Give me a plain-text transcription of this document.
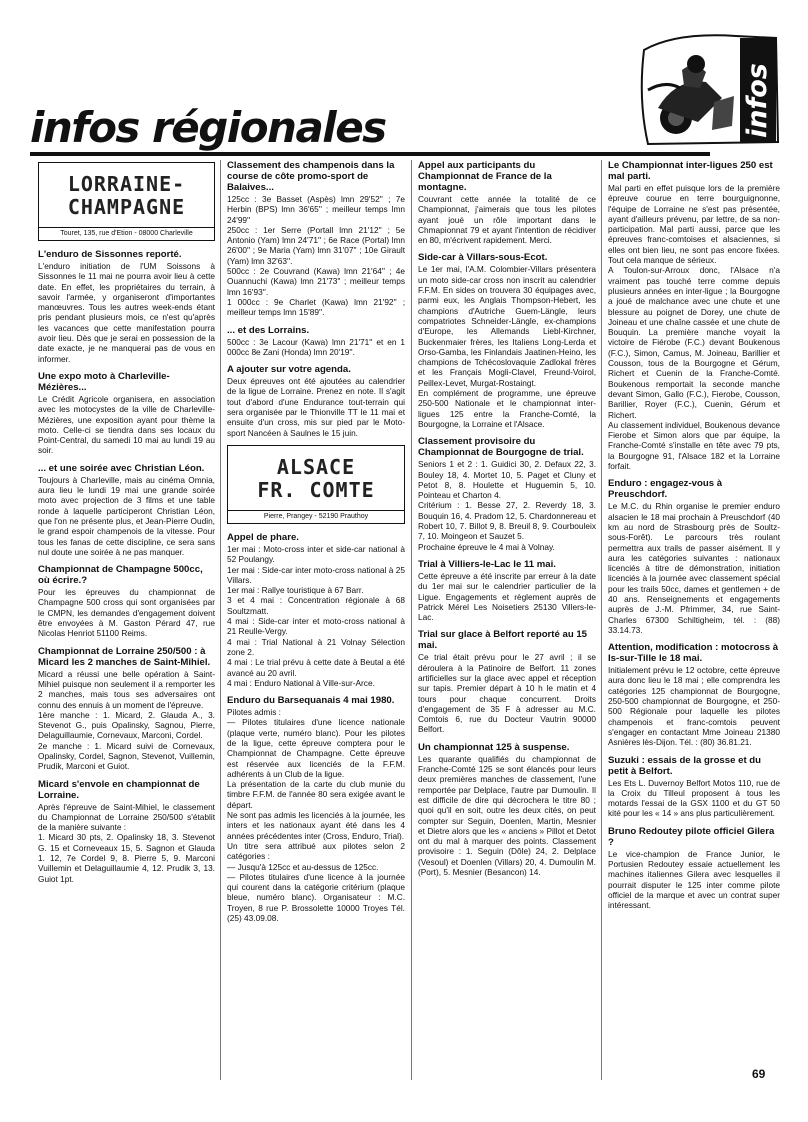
infos régionales	infos
LORRAINE-
CHAMPAGNE
Touret, 135, rue d'Etion - 08000 Charleville
L'enduro de Sissonnes reporté.

L'enduro initiation de l'UM Soissons à Sissonnes le 11 mai ne pourra avoir lieu à cette date. En effet, les propriétaires du terrain, à savoir l'armée, y organiseront d'importantes manœuvres. Tous les autres week-ends étant pris pendant plusieurs mois, ce n'est qu'après les vacances que cette manifestation pourra avoir lieu. Dès que je serai en possession de la date exacte, je ne manquerai pas de vous en informer.

Une expo moto à Charleville-Mézières...

Le Crédit Agricole organisera, en association avec les motocystes de la ville de Charleville-Mézières, une exposition ayant pour thème la moto. Celle-ci se tiendra dans ses locaux du Point-Central, du samedi 10 mai au lundi 19 au soir.

... et une soirée avec Christian Léon.

Toujours à Charleville, mais au cinéma Omnia, aura lieu le lundi 19 mai une grande soirée moto avec projection de 3 films et une table ronde à laquelle participeront Christian Léon, que l'on ne présente plus, et Jean-Pierre Oudin, le grand espoir champenois de la vitesse. Pour tous les fanas de cette discipline, ce sera sans nul doute une soirée à ne pas manquer.

Championnat de Champagne 500cc, où écrire.?

Pour les épreuves du championnat de Champagne 500 cross qui sont organisées par le CMPN, les demandes d'engagement doivent être envoyées à M. Gaston Pérard 47, rue Nicolas Henriot 51100 Reims.

Championnat de Lorraine 250/500 : à Micard les 2 manches de Saint-Mihiel.

Micard a réussi une belle opération à Saint-Mihiel puisque non seulement il a remporter les 2 manches, mais tous ses adversaires ont connu des ennuis à un moment de l'épreuve.
1ère manche : 1. Micard, 2. Glauda A., 3. Stevenot G., puis Opalinsky, Sagnou, Pierre, Delaguillaumie, Cornevaux, Marconi, Cordel.
2e manche : 1. Micard suivi de Cornevaux, Opalinsky, Cordel, Sagnon, Stevenot, Vuillemin, Prudik, Marconi et Guiot.

Micard s'envole en championnat de Lorraine.

Après l'épreuve de Saint-Mihiel, le classement du Championnat de Lorraine 250/500 s'établit de la manière suivante :
1. Micard 30 pts, 2. Opalinsky 18, 3. Stevenot G. 15 et Corneveaux 15, 5. Sagnon et Glauda 1. 12, 7e Cordel 9, 8. Pierre 5, 9. Marconi Vuillemin et Delaguillaumie 4, 12. Prudik 3, 13. Guiot 1pt.

Classement des champenois dans la course de côte promo-sport de Balaives...

125cc : 3e Basset (Aspès) lmn 29'52'' ; 7e Herbin (BPS) lmn 36'65'' ; meilleur temps lmn 24'99''
250cc : 1er Serre (Portall lmn 21'12'' ; 5e Antonio (Yam) lmn 24'71'' ; 6e Race (Portal) lmn 26'00'' ; 9e Maria (Yam) lmn 31'07'' ; 10e Girault (Yam) lmn 32'63''.
500cc : 2e Couvrand (Kawa) lmn 21'64'' ; 4e Ouannuchi (Kawa) lmn 21'73'' ; meilleur temps lmn 16'93''.
1 000cc : 9e Charlet (Kawa) lmn 21'92'' ; meilleur temps lmn 15'89''.

... et des Lorrains.

500cc : 3e Lacour (Kawa) lmn 21'71'' et en 1 000cc 8e Zani (Honda) lmn 20'19''.

A ajouter sur votre agenda.

Deux épreuves ont été ajoutées au calendrier de la ligue de Lorraine. Prenez en note. Il s'agit tout d'abord d'une Endurance tout-terrain qui sera organisée par le Thionville TT le 11 mai et ensuite d'un cross, mis sur pied par le Moto-sport Nancéen à Saulnes le 15 juin.

ALSACE
FR. COMTE
Pierre, Prangey - 52190 Prauthoy
Appel de phare.

1er mai : Moto-cross inter et side-car national à 52 Poulangy.
1er mai : Side-car inter moto-cross national à 25 Villars.
1er mai : Rallye touristique à 67 Barr.
3 et 4 mai : Concentration régionale à 68 Soultzmatt.
4 mai : Side-car inter et moto-cross national à 21 Reulle-Vergy.
4 mai : Trial National à 21 Volnay Sélection zone 2.
4 mai : Le trial prévu à cette date à Beutal a été avancé au 20 avril.
4 mai : Enduro National à Ville-sur-Arce.

Enduro du Barsequanais 4 mai 1980.

Pilotes admis :
— Pilotes titulaires d'une licence nationale (plaque verte, numéro blanc). Pour les pilotes de la ligue, cette épreuve comptera pour le Championnat de Champagne. Cette épreuve est réservée aux licenciés de la F.F.M. adhérents à un Club de la ligue.
La présentation de la carte du club munie du timbre F.F.M. de l'année 80 sera exigée avant le départ.
Ne sont pas admis les licenciés à la journée, les inters et les nationaux ayant été dans les 4 années précédentes inter (Cross, Enduro, Trial).
Un titre sera attribué aux pilotes selon 2 catégories :
— Jusqu'à 125cc et au-dessus de 125cc.
— Pilotes titulaires d'une licence à la journée qui courent dans la catégorie critérium (plaque bleue, numéro blanc). Organisateur : M.C. Troyen, 8 rue P. Brossolette 10000 Troyes Tél. (25) 43.09.08.

Appel aux participants du Championnat de France de la montagne.

Couvrant cette année la totalité de ce Championnat, j'aimerais que tous les pilotes ayant joué un rôle important dans le Chmapionnat 79 et ayant l'intention de récidiver en 80, m'écrivent rapidement. Merci.

Side-car à Villars-sous-Ecot.

Le 1er mai, l'A.M. Colombier-Villars présentera un moto side-car cross non inscrit au calendrier F.F.M. En sides on trouvera 30 équipages avec, parmi eux, les Anglais Thompson-Hebert, les champions d'Autriche Guem-Längle, leurs compatriotes Schneider-Längle, ex-champions d'Europe, les Allemands Liebl-Kirchner, Buckenmaier frères, les Italiens Long-Lerda et Orso-Gamba, les Finlandais Jaatinen-Heino, les champions de Tchécoslovaquie Zadlokal frères et les Français Mogli-Clavel, Freund-Voirol, Peillex-Levet, Murgat-Rostaingt.
En complément de programme, une épreuve 250-500 Nationale et le championnat inter-ligues 125 entre la Franche-Comté, la Bourgogne, la Lorraine et l'Alsace.

Classement provisoire du Championnat de Bourgogne de trial.

Seniors 1 et 2 : 1. Guidici 30, 2. Defaux 22, 3. Bouley 18, 4. Mortet 10, 5. Paget et Cluny et Petot 8, 8. Houlette et Huguemin 5, 10. Pointeau et Charton 4.
Critérium : 1. Besse 27, 2. Reverdy 18, 3. Bouquin 16, 4. Pradom 12, 5. Chardonnereau et Robert 10, 7. Billot 9, 8. Breuil 8, 9. Courbouleix 7, 10. Moingeon et Sauzet 5.
Prochaine épreuve le 4 mai à Volnay.

Trial à Villiers-le-Lac le 11 mai.

Cette épreuve a été inscrite par erreur à la date du 1er mai sur le calendrier particulier de la Ligue. Engagements et règlement auprès de Patrick Mérel Les Noisetiers 25130 Villers-le-Lac.

Trial sur glace à Belfort reporté au 15 mai.

Ce trial était prévu pour le 27 avril ; il se déroulera à la Patinoire de Belfort. 11 zones artificielles sur la glace avec appel et réception sur tapis. Premier départ à 10 h le matin et 4 tours pour chaque concurrent. Droits d'engagement de 35 F à adresser au M.C. Comtois 6, rue du Docteur Vautrin 90000 Belfort.

Un championnat 125 à suspense.

Les quarante qualifiés du championnat de Franche-Comté 125 se sont élancés pour leurs deux premières manches de classement, l'une remportée par Delplace, l'autre par Dumoulin. Il est difficile de dire qui décrochera le titre 80 ; quoi qu'il en soit, outre les deux cités, on peut compter sur Seguin, Doenlen, Martin, Mesnier et Dietre alors que les « anciens » Pillot et Detot ont du mal à marquer des points. Classement provisoire : 1. Seguin (Dôle) 24, 2. Delplace (Vesoul) et Doenlen (Villars) 20, 4. Dumoulin M. (Port), 5. Mesnier (Besancon) 14.

Le Championnat inter-ligues 250 est mal parti.

Mal parti en effet puisque lors de la première épreuve courue en terre bourguignonne, l'équipe de Lorraine ne s'est pas présentée, ayant d'ailleurs prévenu, par lettre, de sa non-participation. Mal parti aussi, parce que les épreuves franc-comtoises et alsaciennes, si elles ont bien lieu, ne sont pas encore fixées. Tout cela manque de sérieux.
A Toulon-sur-Arroux donc, l'Alsace n'a vraiment pas touché terre comme depuis plusieurs années en inter-ligue ; la Bourgogne a joué de malchance avec une chute et une blessure au poignet de Dorey, une chute de Joineau et une chaîne cassée et une chute de Bouquin. La première manche voyait la victoire de Fiérobe (F.C.) devant Boukenous (F.C.), Simon, Camus, M. Joineau, Barillier et Cousson, tous de la Bourgogne et Gérum, Richert et Cuenin de la Franche-Comté. Boukenous remportait la seconde manche devant Simon, Gallo (F.C.), Fierobe, Cousson, Barillier, Royer (F.C.), Cuenin, Gérum et Richert.
Au classement individuel, Boukenous devance Fierobe et Simon alors que par équipe, la Franche-Comté s'installe en tête avec 79 pts, la Bourgogne 91, l'Alsace 182 et la Lorraine forfait.

Enduro : engagez-vous à Preuschdorf.

Le M.C. du Rhin organise le premier enduro alsacien le 18 mai prochain à Preuschdorf (40 km au nord de Strasbourg près de Soultz-sous-Forêt). Le parcours très roulant permettra aux trails de passer aisément. Il y aura les catégories suivantes : nationaux licenciés à titre de démonstration, initiation licenciés à la journée avec classement spécial pour les trails 50cc, dames et gentlemen + de 40 ans. Renseignements et engagements auprès de J.-M. Pfrimmer, 34, rue Saint-Charles 67300 Schiltigheim, tél. : (88) 33.14.73.

Attention, modification : motocross à Is-sur-Tille le 18 mai.

Initialement prévu le 12 octobre, cette épreuve aura donc lieu le 18 mai ; elle comprendra les catégories 125 championnat de Bourgogne, 250-500 championnat de Bourgogne, et 250-500 Régionale pour laquelle les pilotes champenois et franc-comtois peuvent s'engager en contactant Mme Joineau 21380 Asnières lès-Dijon. Tél. : (80) 36.81.21.

Suzuki : essais de la grosse et du petit à Belfort.

Les Ets L. Duvernoy Belfort Motos 110, rue de la Croix du Tilleul proposent à tous les motards l'essai de la GSX 1100 et du GT 50 kité pour les « 14 » ans plus particulièrement.

Bruno Redoutey pilote officiel Gilera ?

Le vice-champion de France Junior, le Portusien Redoutey essaie actuellement les machines italiennes Gilera avec lesquelles il pourrait disputer le 125 inter comme pilote officiel de la marque et avec un contrat super intéressant.

69
